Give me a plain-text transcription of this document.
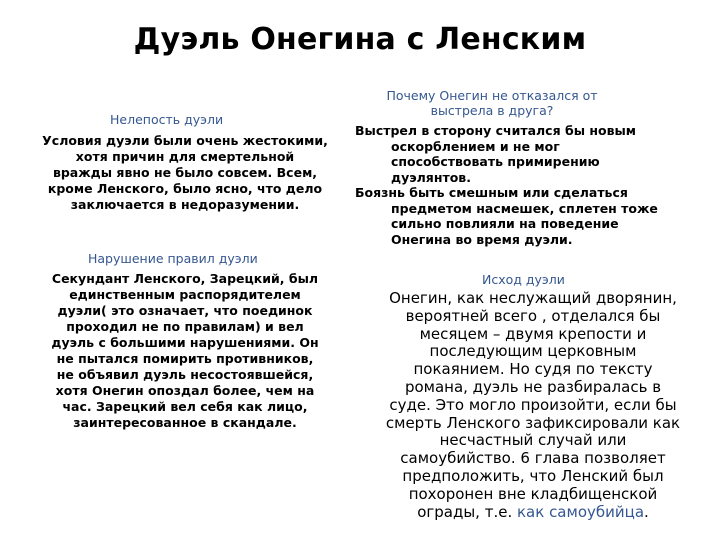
Дуэль Онегина с Ленским
Нелепость дуэли
Условия дуэли были очень жестокими,
хотя причин для смертельной
вражды явно не было совсем. Всем,
кроме Ленского, было ясно, что дело
заключается в недоразумении.
Нарушение правил дуэли
Секундант Ленского, Зарецкий, был
единственным распорядителем
дуэли( это означает, что поединок
проходил не по правилам) и вел
дуэль с большими нарушениями. Он
не пытался помирить противников,
не объявил дуэль несостоявшейся,
хотя Онегин опоздал более, чем на
час. Зарецкий вел себя как лицо,
заинтересованное в скандале.
Почему Онегин не отказался от
выстрела в друга?
Выстрел в сторону считался бы новым
оскорблением и не мог
способствовать примирению
дуэлянтов.
Боязнь быть смешным или сделаться
предметом насмешек, сплетен тоже
сильно повлияли на поведение
Онегина во время дуэли.
Исход дуэли
Онегин, как неслужащий дворянин,
вероятней всего , отделался бы
месяцем – двумя крепости и
последующим церковным
покаянием. Но судя по тексту
романа, дуэль не разбиралась в
суде. Это могло произойти, если бы
смерть Ленского зафиксировали как
несчастный случай или
самоубийство. 6 глава позволяет
предположить, что Ленский был
похоронен вне кладбищенской
ограды, т.е. как самоубийца.
